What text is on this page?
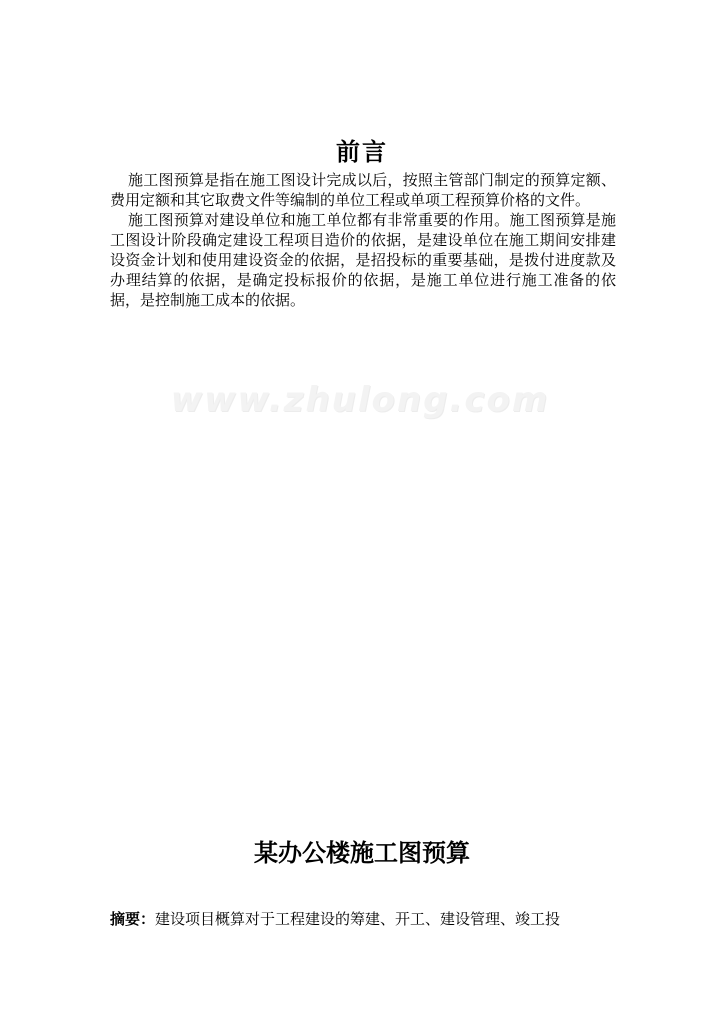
前言

施工图预算是指在施工图设计完成以后，按照主管部门制定的预算定额、费用定额和其它取费文件等编制的单位工程或单项工程预算价格的文件。

施工图预算对建设单位和施工单位都有非常重要的作用。施工图预算是施工图设计阶段确定建设工程项目造价的依据，是建设单位在施工期间安排建设资金计划和使用建设资金的依据，是招投标的重要基础，是拨付进度款及办理结算的依据，是确定投标报价的依据，是施工单位进行施工准备的依据，是控制施工成本的依据。

www.zhulong.com
某办公楼施工图预算
摘要：建设项目概算对于工程建设的筹建、开工、建设管理、竣工投
